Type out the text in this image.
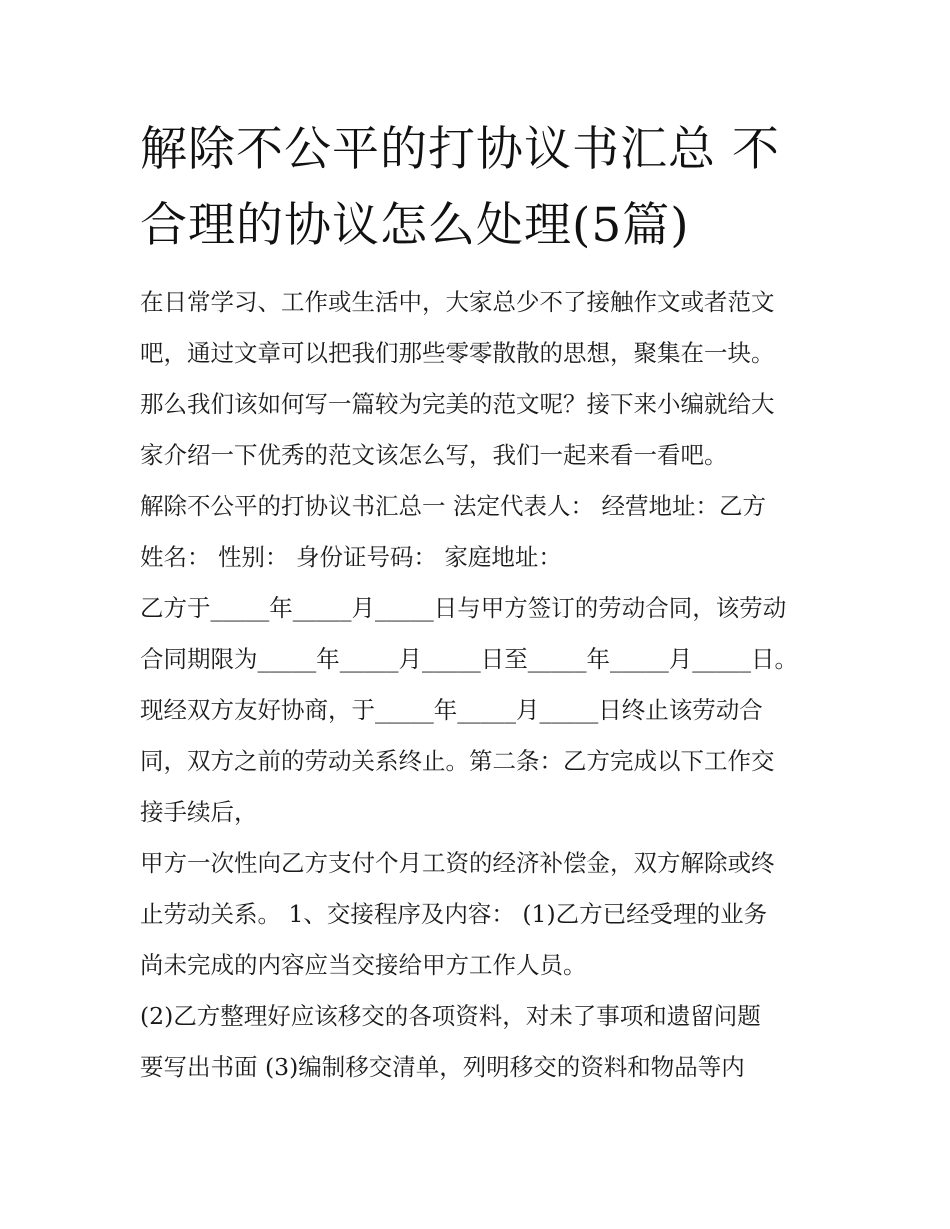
解除不公平的打协议书汇总 不
合理的协议怎么处理(5篇)
在日常学习、工作或生活中，大家总少不了接触作文或者范文
吧，通过文章可以把我们那些零零散散的思想，聚集在一块。
那么我们该如何写一篇较为完美的范文呢？接下来小编就给大
家介绍一下优秀的范文该怎么写，我们一起来看一看吧。
解除不公平的打协议书汇总一 法定代表人： 经营地址：乙方
姓名： 性别： 身份证号码： 家庭地址：
乙方于_____年_____月_____日与甲方签订的劳动合同，该劳动
合同期限为_____年_____月_____日至_____年_____月_____日。
现经双方友好协商，于_____年_____月_____日终止该劳动合
同，双方之前的劳动关系终止。第二条：乙方完成以下工作交
接手续后，
甲方一次性向乙方支付个月工资的经济补偿金，双方解除或终
止劳动关系。 1、交接程序及内容： (1)乙方已经受理的业务
尚未完成的内容应当交接给甲方工作人员。
(2)乙方整理好应该移交的各项资料，对未了事项和遗留问题
要写出书面 (3)编制移交清单，列明移交的资料和物品等内
